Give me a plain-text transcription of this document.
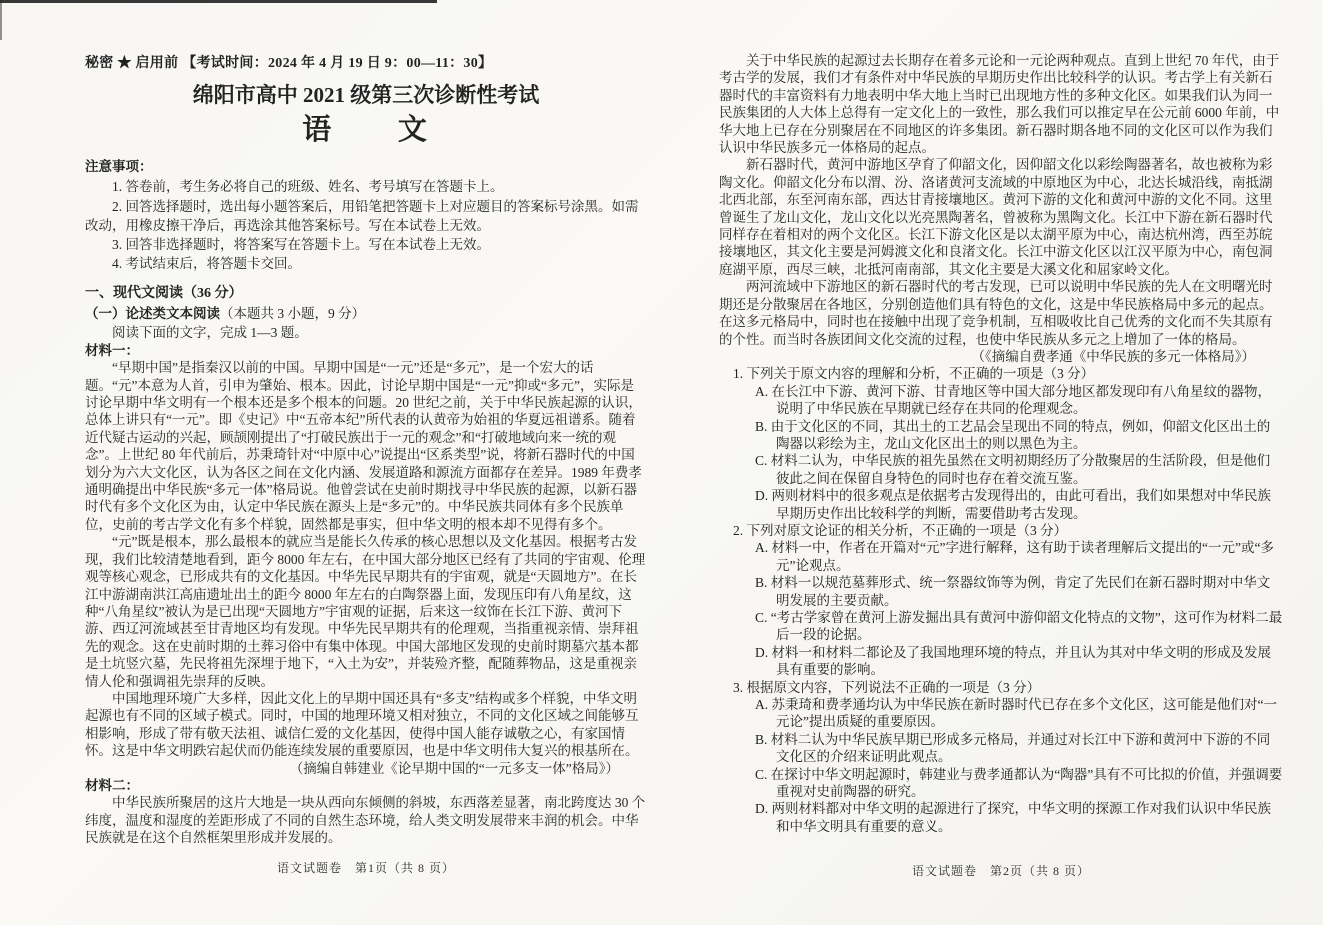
秘密 ★ 启用前 【考试时间：2024 年 4 月 19 日 9：00—11：30】
绵阳市高中 2021 级第三次诊断性考试
语　　文
注意事项：

1. 答卷前，考生务必将自己的班级、姓名、考号填写在答题卡上。

2. 回答选择题时，选出每小题答案后，用铅笔把答题卡上对应题目的答案标号涂黑。如需改动，用橡皮擦干净后，再选涂其他答案标号。写在本试卷上无效。

3. 回答非选择题时，将答案写在答题卡上。写在本试卷上无效。

4. 考试结束后，将答题卡交回。

一、现代文阅读（36 分）
（一）论述类文本阅读（本题共 3 小题，9 分）

阅读下面的文字，完成 1—3 题。

材料一：

“早期中国”是指秦汉以前的中国。早期中国是“一元”还是“多元”，是一个宏大的话题。“元”本意为人首，引申为肇始、根本。因此，讨论早期中国是“一元”抑或“多元”，实际是讨论早期中华文明有一个根本还是多个根本的问题。20 世纪之前，关于中华民族起源的认识，总体上讲只有“一元”。即《史记》中“五帝本纪”所代表的认黄帝为始祖的华夏远祖谱系。随着近代疑古运动的兴起，顾颉刚提出了“打破民族出于一元的观念”和“打破地域向来一统的观念”。上世纪 80 年代前后，苏秉琦针对“中原中心”说提出“区系类型”说，将新石器时代的中国划分为六大文化区，认为各区之间在文化内涵、发展道路和源流方面都存在差异。1989 年费孝通明确提出中华民族“多元一体”格局说。他曾尝试在史前时期找寻中华民族的起源，以新石器时代有多个文化区为由，认定中华民族在源头上是“多元”的。中华民族共同体有多个民族单位，史前的考古学文化有多个样貌，固然都是事实，但中华文明的根本却不见得有多个。

“元”既是根本，那么最根本的就应当是能长久传承的核心思想以及文化基因。根据考古发现，我们比较清楚地看到，距今 8000 年左右，在中国大部分地区已经有了共同的宇宙观、伦理观等核心观念，已形成共有的文化基因。中华先民早期共有的宇宙观，就是“天圆地方”。在长江中游湖南洪江高庙遗址出土的距今 8000 年左右的白陶祭器上面，发现压印有八角星纹，这种“八角星纹”被认为是已出现“天圆地方”宇宙观的证据，后来这一纹饰在长江下游、黄河下游、西辽河流域甚至甘青地区均有发现。中华先民早期共有的伦理观，当指重视亲情、崇拜祖先的观念。这在史前时期的土葬习俗中有集中体现。中国大部地区发现的史前时期墓穴基本都是土坑竖穴墓，先民将祖先深埋于地下，“入土为安”，并装殓齐整，配随葬物品，这是重视亲情人伦和强调祖先崇拜的反映。

中国地理环境广大多样，因此文化上的早期中国还具有“多支”结构或多个样貌，中华文明起源也有不同的区域子模式。同时，中国的地理环境又相对独立，不同的文化区域之间能够互相影响，形成了带有敬天法祖、诚信仁爱的文化基因，使得中国人能存诚敬之心，有家国情怀。这是中华文明跌宕起伏而仍能连续发展的重要原因，也是中华文明伟大复兴的根基所在。

（摘编自韩建业《论早期中国的“一元多支一体”格局》）

材料二：

中华民族所聚居的这片大地是一块从西向东倾侧的斜坡，东西落差显著，南北跨度达 30 个纬度，温度和湿度的差距形成了不同的自然生态环境，给人类文明发展带来丰润的机会。中华民族就是在这个自然框架里形成并发展的。

语文试题卷　第1页（共 8 页）

关于中华民族的起源过去长期存在着多元论和一元论两种观点。直到上世纪 70 年代，由于考古学的发展，我们才有条件对中华民族的早期历史作出比较科学的认识。考古学上有关新石器时代的丰富资料有力地表明中华大地上当时已出现地方性的多种文化区。如果我们认为同一民族集团的人大体上总得有一定文化上的一致性，那么我们可以推定早在公元前 6000 年前，中华大地上已存在分别聚居在不同地区的许多集团。新石器时期各地不同的文化区可以作为我们认识中华民族多元一体格局的起点。

新石器时代，黄河中游地区孕育了仰韶文化，因仰韶文化以彩绘陶器著名，故也被称为彩陶文化。仰韶文化分布以渭、汾、洛诸黄河支流域的中原地区为中心，北达长城沿线，南抵湖北西北部，东至河南东部，西达甘青接壤地区。黄河下游的文化和黄河中游的文化不同。这里曾诞生了龙山文化，龙山文化以光亮黑陶著名，曾被称为黑陶文化。长江中下游在新石器时代同样存在着相对的两个文化区。长江下游文化区是以太湖平原为中心，南达杭州湾，西至苏皖接壤地区，其文化主要是河姆渡文化和良渚文化。长江中游文化区以江汉平原为中心，南包洞庭湖平原，西尽三峡，北抵河南南部，其文化主要是大溪文化和屈家岭文化。

两河流域中下游地区的新石器时代的考古发现，已可以说明中华民族的先人在文明曙光时期还是分散聚居在各地区，分别创造他们具有特色的文化，这是中华民族格局中多元的起点。在这多元格局中，同时也在接触中出现了竞争机制，互相吸收比自己优秀的文化而不失其原有的个性。而当时各族团间文化交流的过程，也使中华民族从多元之上增加了一体的格局。

（《摘编自费孝通《中华民族的多元一体格局》）

1. 下列关于原文内容的理解和分析，不正确的一项是（3 分）

A. 在长江中下游、黄河下游、甘青地区等中国大部分地区都发现印有八角星纹的器物，说明了中华民族在早期就已经存在共同的伦理观念。

B. 由于文化区的不同，其出土的工艺品会呈现出不同的特点，例如，仰韶文化区出土的陶器以彩绘为主，龙山文化区出土的则以黑色为主。

C. 材料二认为，中华民族的祖先虽然在文明初期经历了分散聚居的生活阶段，但是他们彼此之间在保留自身特色的同时也存在着交流互鉴。

D. 两则材料中的很多观点是依据考古发现得出的，由此可看出，我们如果想对中华民族早期历史作出比较科学的判断，需要借助考古发现。

2. 下列对原文论证的相关分析，不正确的一项是（3 分）

A. 材料一中，作者在开篇对“元”字进行解释，这有助于读者理解后文提出的“一元”或“多元”论观点。

B. 材料一以规范墓葬形式、统一祭器纹饰等为例，肯定了先民们在新石器时期对中华文明发展的主要贡献。

C. “考古学家曾在黄河上游发掘出具有黄河中游仰韶文化特点的文物”，这可作为材料二最后一段的论据。

D. 材料一和材料二都论及了我国地理环境的特点，并且认为其对中华文明的形成及发展具有重要的影响。

3. 根据原文内容，下列说法不正确的一项是（3 分）

A. 苏秉琦和费孝通均认为中华民族在新时器时代已存在多个文化区，这可能是他们对“一元论”提出质疑的重要原因。

B. 材料二认为中华民族早期已形成多元格局，并通过对长江中下游和黄河中下游的不同文化区的介绍来证明此观点。

C. 在探讨中华文明起源时，韩建业与费孝通都认为“陶器”具有不可比拟的价值，并强调要重视对史前陶器的研究。

D. 两则材料都对中华文明的起源进行了探究，中华文明的探源工作对我们认识中华民族和中华文明具有重要的意义。

语文试题卷　第2页（共 8 页）
